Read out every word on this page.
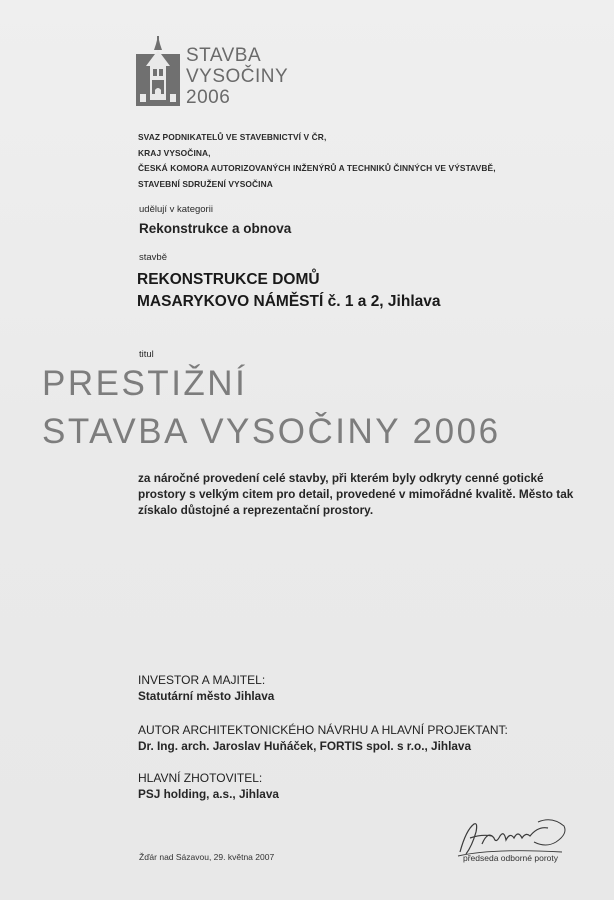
STAVBA
VYSOČINY
2006
SVAZ PODNIKATELŮ VE STAVEBNICTVÍ V ČR,
KRAJ VYSOČINA,
ČESKÁ KOMORA AUTORIZOVANÝCH INŽENÝRŮ A TECHNIKŮ ČINNÝCH VE VÝSTAVBĚ,
STAVEBNÍ SDRUŽENÍ VYSOČINA
udělují v kategorii
Rekonstrukce a obnova
stavbě
REKONSTRUKCE DOMŮ
MASARYKOVO NÁMĚSTÍ č. 1 a 2, Jihlava
titul
PRESTIŽNÍ
STAVBA VYSOČINY 2006
za náročné provedení celé stavby, při kterém byly odkryty cenné gotické prostory s velkým citem pro detail, provedené v mimořádné kvalitě. Město tak získalo důstojné a reprezentační prostory.
INVESTOR A MAJITEL:
Statutární město Jihlava
AUTOR ARCHITEKTONICKÉHO NÁVRHU A HLAVNÍ PROJEKTANT:
Dr. Ing. arch. Jaroslav Huňáček, FORTIS spol. s r.o., Jihlava
HLAVNÍ ZHOTOVITEL:
PSJ holding, a.s., Jihlava
Žďár nad Sázavou, 29. května 2007	předseda odborné poroty
